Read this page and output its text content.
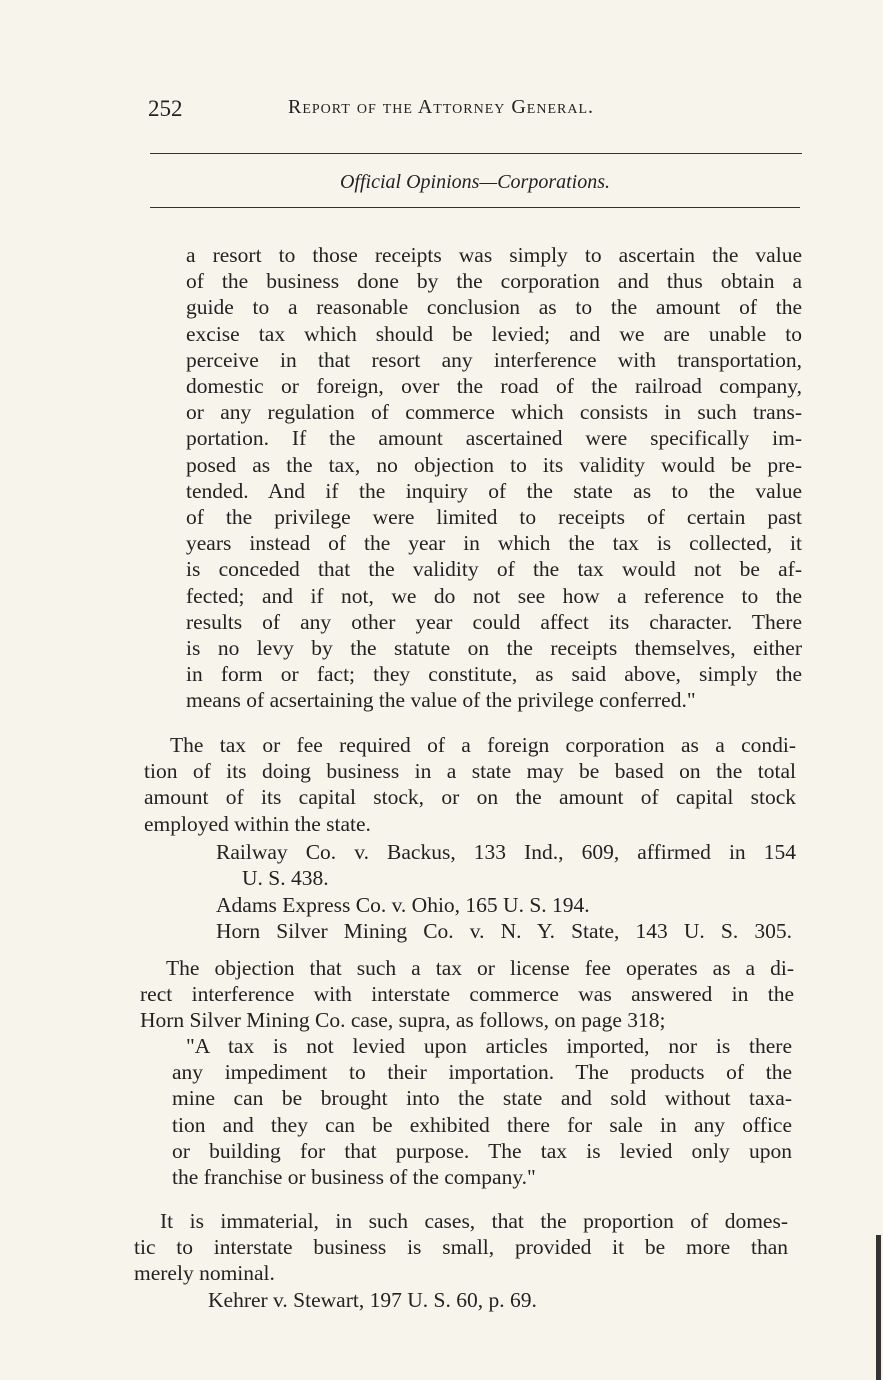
252	Report of the Attorney General.
Official Opinions—Corporations.
a resort to those receipts was simply to ascertain the value
of the business done by the corporation and thus obtain a
guide to a reasonable conclusion as to the amount of the
excise tax which should be levied; and we are unable to
perceive in that resort any interference with transportation,
domestic or foreign, over the road of the railroad company,
or any regulation of commerce which consists in such trans-
portation. If the amount ascertained were specifically im-
posed as the tax, no objection to its validity would be pre-
tended. And if the inquiry of the state as to the value
of the privilege were limited to receipts of certain past
years instead of the year in which the tax is collected, it
is conceded that the validity of the tax would not be af-
fected; and if not, we do not see how a reference to the
results of any other year could affect its character. There
is no levy by the statute on the receipts themselves, either
in form or fact; they constitute, as said above, simply the
means of acsertaining the value of the privilege conferred."
The tax or fee required of a foreign corporation as a condi-
tion of its doing business in a state may be based on the total
amount of its capital stock, or on the amount of capital stock
employed within the state.
Railway Co. v. Backus, 133 Ind., 609, affirmed in 154
U. S. 438.
Adams Express Co. v. Ohio, 165 U. S. 194.
Horn Silver Mining Co. v. N. Y. State, 143 U. S. 305.
The objection that such a tax or license fee operates as a di-
rect interference with interstate commerce was answered in the
Horn Silver Mining Co. case, supra, as follows, on page 318;
"A tax is not levied upon articles imported, nor is there
any impediment to their importation. The products of the
mine can be brought into the state and sold without taxa-
tion and they can be exhibited there for sale in any office
or building for that purpose. The tax is levied only upon
the franchise or business of the company."
It is immaterial, in such cases, that the proportion of domes-
tic to interstate business is small, provided it be more than
merely nominal.
Kehrer v. Stewart, 197 U. S. 60, p. 69.
